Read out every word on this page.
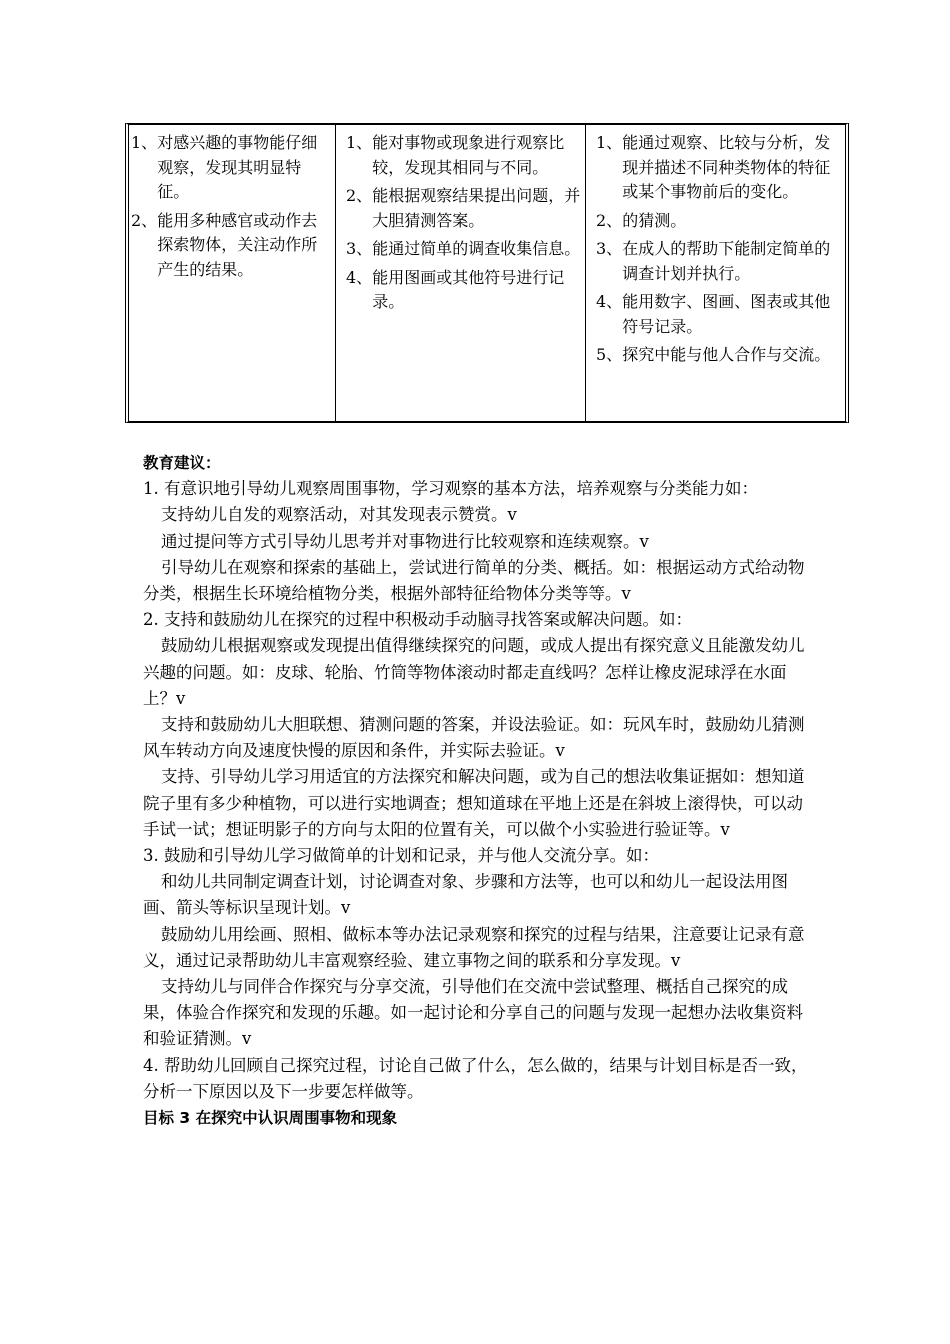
1、 对感兴趣的事物能仔细观察，发现其明显特征。
2、 能用多种感官或动作去探索物体，关注动作所产生的结果。
1、 能对事物或现象进行观察比较，发现其相同与不同。
2、 能根据观察结果提出问题，并大胆猜测答案。
3、 能通过简单的调查收集信息。
4、 能用图画或其他符号进行记录。
1、 能通过观察、比较与分析，发现并描述不同种类物体的特征或某个事物前后的变化。
2、 的猜测。
3、 在成人的帮助下能制定简单的调查计划并执行。
4、 能用数字、图画、图表或其他符号记录。
5、 探究中能与他人合作与交流。

教育建议：

1. 有意识地引导幼儿观察周围事物，学习观察的基本方法，培养观察与分类能力如：

支持幼儿自发的观察活动，对其发现表示赞赏。v

通过提问等方式引导幼儿思考并对事物进行比较观察和连续观察。v

引导幼儿在观察和探索的基础上，尝试进行简单的分类、概括。如：根据运动方式给动物分类，根据生长环境给植物分类，根据外部特征给物体分类等等。v

2. 支持和鼓励幼儿在探究的过程中积极动手动脑寻找答案或解决问题。如：

鼓励幼儿根据观察或发现提出值得继续探究的问题，或成人提出有探究意义且能激发幼儿兴趣的问题。如：皮球、轮胎、竹筒等物体滚动时都走直线吗？怎样让橡皮泥球浮在水面上？v

支持和鼓励幼儿大胆联想、猜测问题的答案，并设法验证。如：玩风车时，鼓励幼儿猜测风车转动方向及速度快慢的原因和条件，并实际去验证。v

支持、引导幼儿学习用适宜的方法探究和解决问题，或为自己的想法收集证据如：想知道院子里有多少种植物，可以进行实地调查；想知道球在平地上还是在斜坡上滚得快，可以动手试一试；想证明影子的方向与太阳的位置有关，可以做个小实验进行验证等。v

3. 鼓励和引导幼儿学习做简单的计划和记录，并与他人交流分享。如：

和幼儿共同制定调查计划，讨论调查对象、步骤和方法等，也可以和幼儿一起设法用图画、箭头等标识呈现计划。v

鼓励幼儿用绘画、照相、做标本等办法记录观察和探究的过程与结果，注意要让记录有意义，通过记录帮助幼儿丰富观察经验、建立事物之间的联系和分享发现。v

支持幼儿与同伴合作探究与分享交流，引导他们在交流中尝试整理、概括自己探究的成果，体验合作探究和发现的乐趣。如一起讨论和分享自己的问题与发现一起想办法收集资料和验证猜测。v

4. 帮助幼儿回顾自己探究过程，讨论自己做了什么，怎么做的，结果与计划目标是否一致，分析一下原因以及下一步要怎样做等。

目标 3 在探究中认识周围事物和现象
